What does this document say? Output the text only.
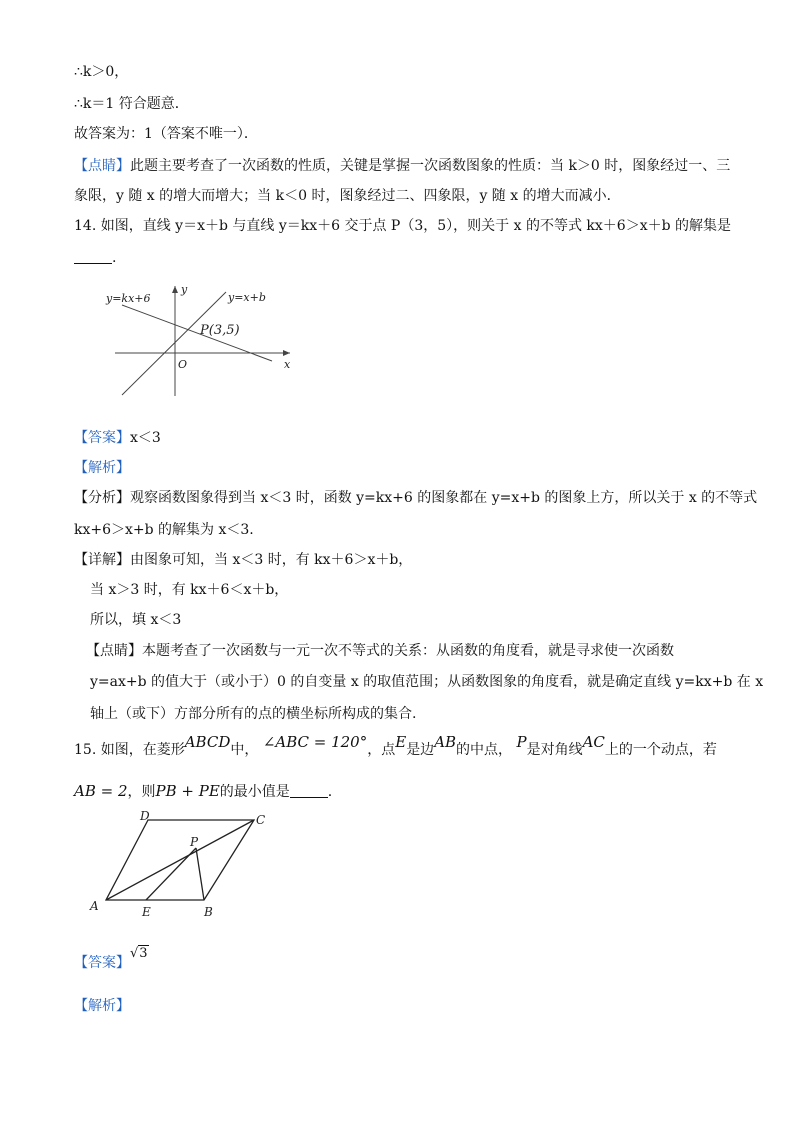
∴k＞0，
∴k＝1 符合题意．
故答案为：1（答案不唯一）．
【点睛】此题主要考查了一次函数的性质，关键是掌握一次函数图象的性质：当 k＞0 时，图象经过一、三
象限，y 随 x 的增大而增大；当 k＜0 时，图象经过二、四象限，y 随 x 的增大而减小．
14. 如图，直线 y＝x＋b 与直线 y＝kx＋6 交于点 P（3，5），则关于 x 的不等式 kx＋6＞x＋b 的解集是
.
y=kx+6	y=x+b
P(3,5)
O	x
y
【答案】x＜3
【解析】
【分析】观察函数图象得到当 x＜3 时，函数 y=kx+6 的图象都在 y=x+b 的图象上方，所以关于 x 的不等式
kx+6＞x+b 的解集为 x＜3.
【详解】由图象可知，当 x＜3 时，有 kx＋6＞x＋b，
当 x＞3 时，有 kx＋6＜x＋b，
所以，填 x＜3
【点睛】本题考查了一次函数与一元一次不等式的关系：从函数的角度看，就是寻求使一次函数
y=ax+b 的值大于（或小于）0 的自变量 x 的取值范围；从函数图象的角度看，就是确定直线 y=kx+b 在 x
轴上（或下）方部分所有的点的横坐标所构成的集合.
15. 如图，在菱形ABCD中， ∠ABC = 120°，点E是边AB的中点， P是对角线AC上的一个动点，若
AB = 2，则PB + PE的最小值是	.
A	B
C
D
E
P
【答案】√3
【解析】
